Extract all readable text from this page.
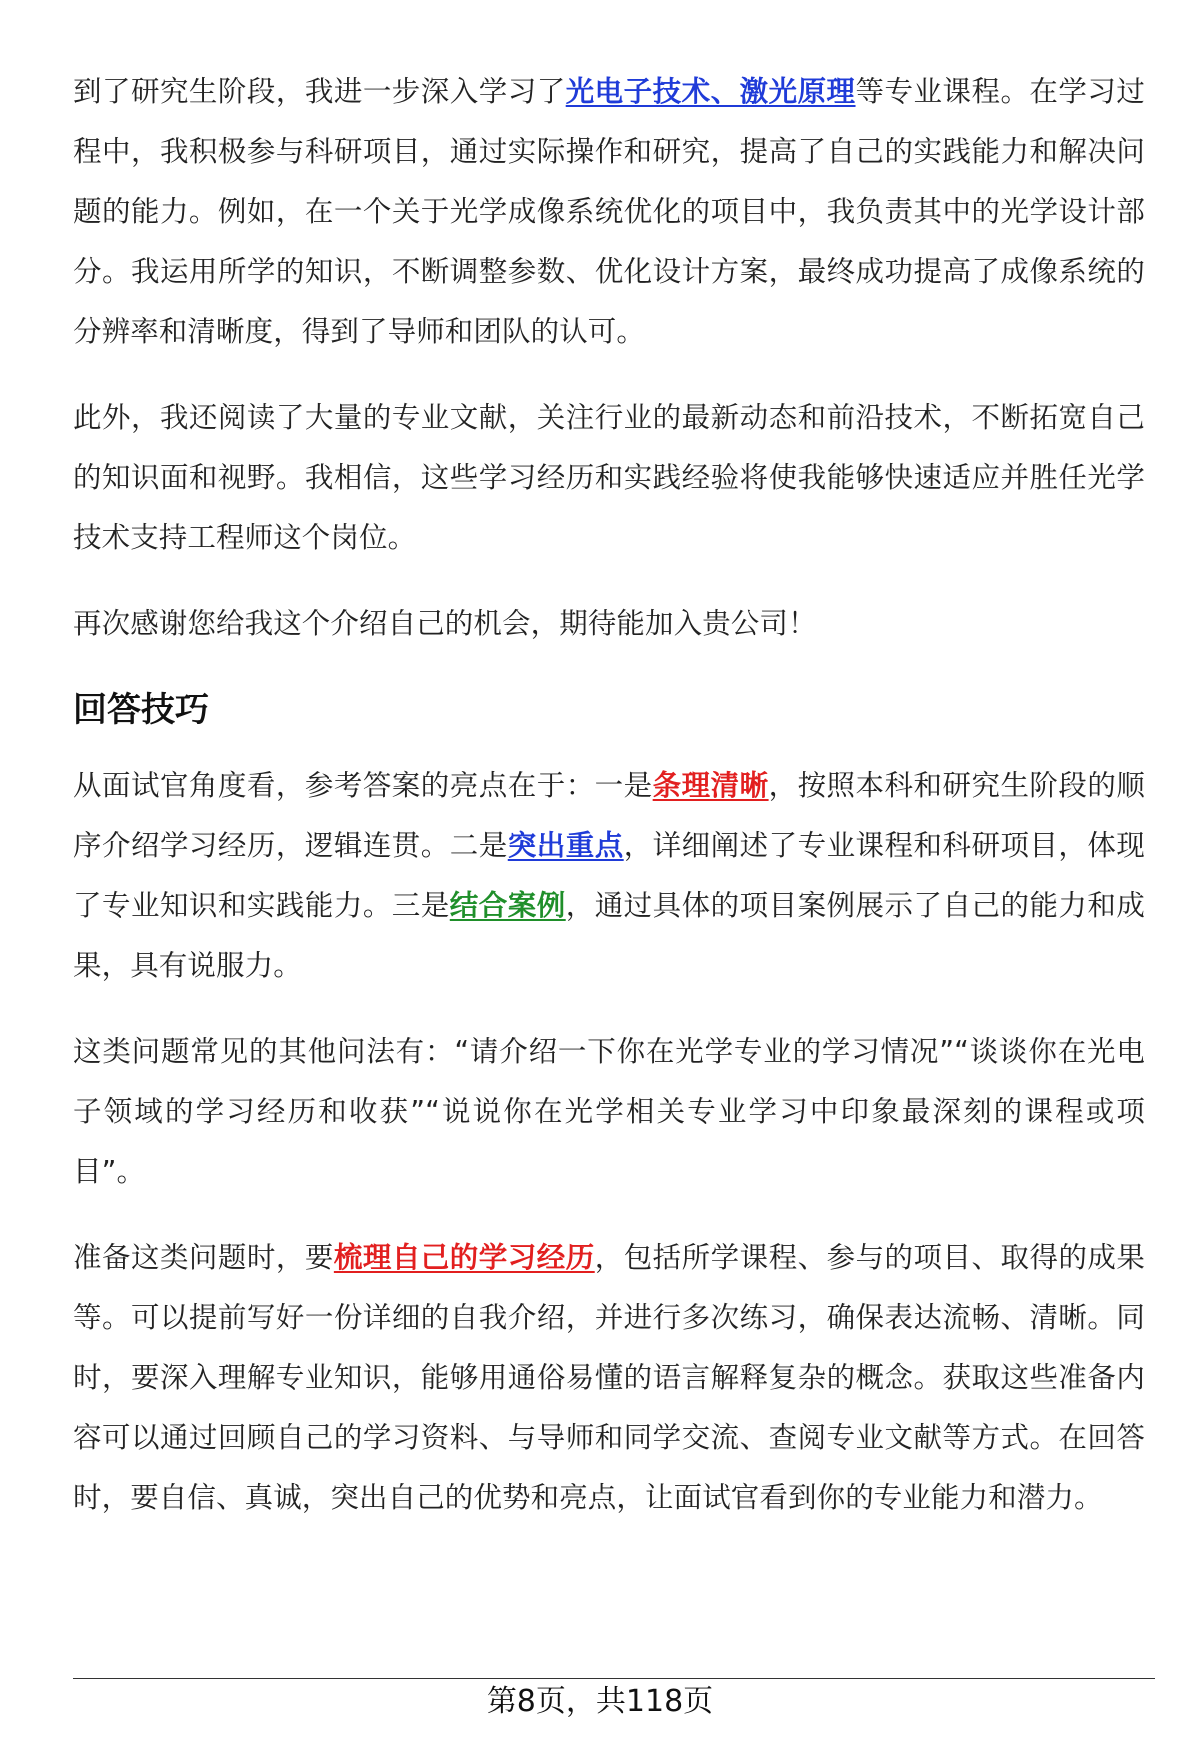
到了研究生阶段，我进一步深入学习了光电子技术、激光原理等专业课程。在学习过程中，我积极参与科研项目，通过实际操作和研究，提高了自己的实践能力和解决问题的能力。例如，在一个关于光学成像系统优化的项目中，我负责其中的光学设计部分。我运用所学的知识，不断调整参数、优化设计方案，最终成功提高了成像系统的分辨率和清晰度，得到了导师和团队的认可。

此外，我还阅读了大量的专业文献，关注行业的最新动态和前沿技术，不断拓宽自己的知识面和视野。我相信，这些学习经历和实践经验将使我能够快速适应并胜任光学技术支持工程师这个岗位。

再次感谢您给我这个介绍自己的机会，期待能加入贵公司！

回答技巧

从面试官角度看，参考答案的亮点在于：一是条理清晰，按照本科和研究生阶段的顺序介绍学习经历，逻辑连贯。二是突出重点，详细阐述了专业课程和科研项目，体现了专业知识和实践能力。三是结合案例，通过具体的项目案例展示了自己的能力和成果，具有说服力。

这类问题常见的其他问法有：“请介绍一下你在光学专业的学习情况”“谈谈你在光电子领域的学习经历和收获”“说说你在光学相关专业学习中印象最深刻的课程或项目”。

准备这类问题时，要梳理自己的学习经历，包括所学课程、参与的项目、取得的成果等。可以提前写好一份详细的自我介绍，并进行多次练习，确保表达流畅、清晰。同时，要深入理解专业知识，能够用通俗易懂的语言解释复杂的概念。获取这些准备内容可以通过回顾自己的学习资料、与导师和同学交流、查阅专业文献等方式。在回答时，要自信、真诚，突出自己的优势和亮点，让面试官看到你的专业能力和潜力。

第8页，共118页
